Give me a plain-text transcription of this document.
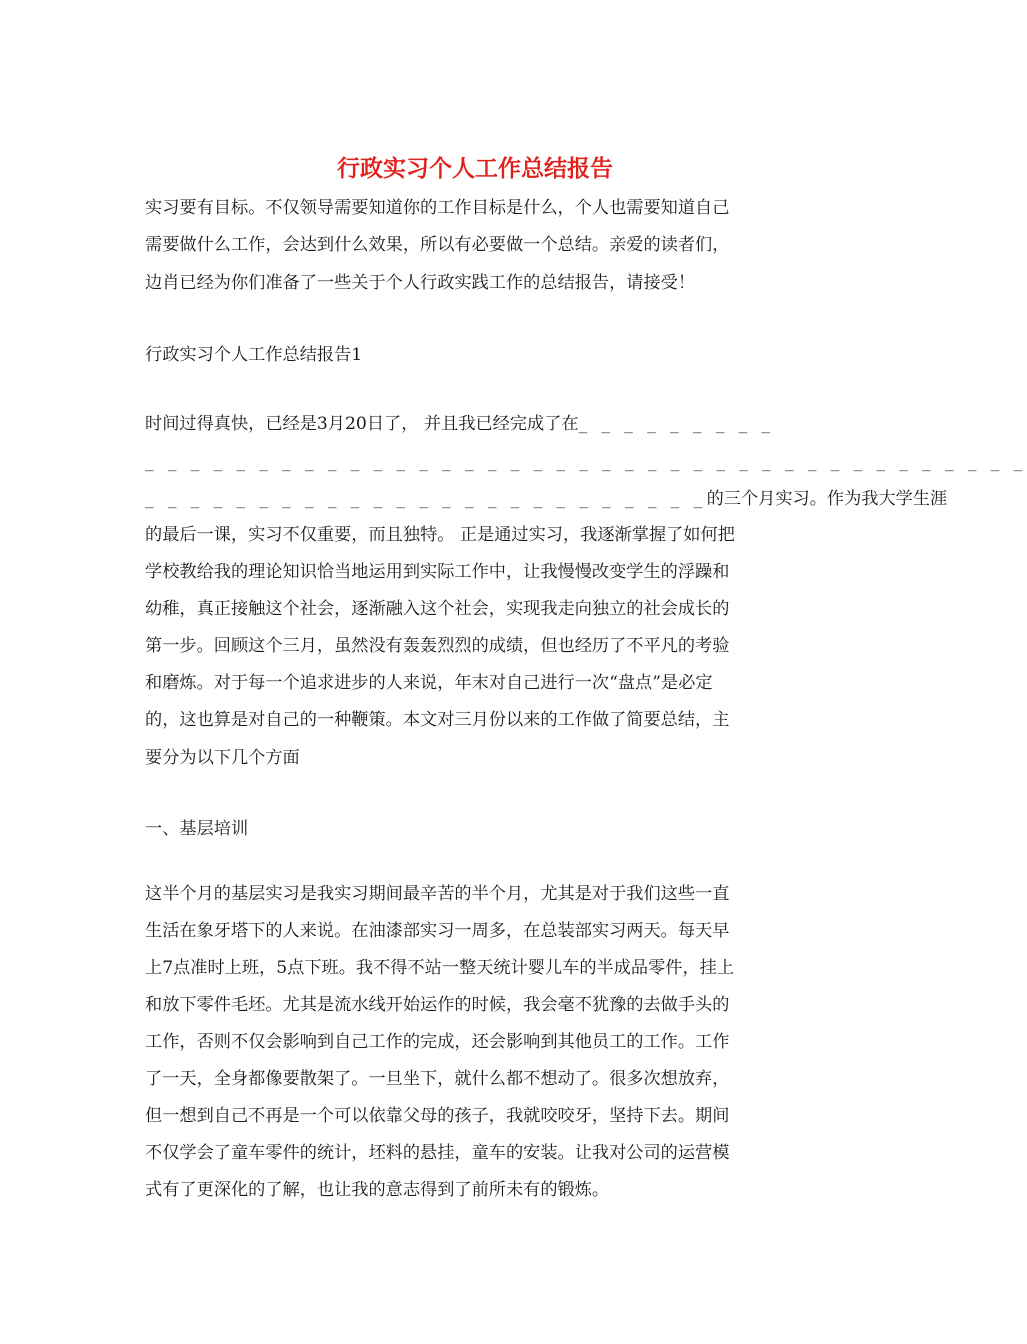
行政实习个人工作总结报告

实习要有目标。不仅领导需要知道你的工作目标是什么，个人也需要知道自己

需要做什么工作，会达到什么效果，所以有必要做一个总结。亲爱的读者们，

边肖已经为你们准备了一些关于个人行政实践工作的总结报告，请接受！

行政实习个人工作总结报告1

时间过得真快，已经是3月20日了， 并且我已经完成了在_ _ _ _ _ _ _ _ _

_ _ _ _ _ _ _ _ _ _ _ _ _ _ _ _ _ _ _ _ _ _ _ _ _ _ _ _ _ _ _ _ _ _ _ _ _ _ _

_ _ _ _ _ _ _ _ _ _ _ _ _ _ _ _ _ _ _ _ _ _ _ _ _的三个月实习。作为我大学生涯

的最后一课，实习不仅重要，而且独特。 正是通过实习，我逐渐掌握了如何把

学校教给我的理论知识恰当地运用到实际工作中，让我慢慢改变学生的浮躁和

幼稚，真正接触这个社会，逐渐融入这个社会，实现我走向独立的社会成长的

第一步。回顾这个三月，虽然没有轰轰烈烈的成绩，但也经历了不平凡的考验

和磨炼。对于每一个追求进步的人来说，年末对自己进行一次“盘点”是必定

的，这也算是对自己的一种鞭策。本文对三月份以来的工作做了简要总结，主

要分为以下几个方面

一、基层培训

这半个月的基层实习是我实习期间最辛苦的半个月，尤其是对于我们这些一直

生活在象牙塔下的人来说。在油漆部实习一周多，在总装部实习两天。每天早

上7点准时上班，5点下班。我不得不站一整天统计婴儿车的半成品零件，挂上

和放下零件毛坯。尤其是流水线开始运作的时候，我会毫不犹豫的去做手头的

工作，否则不仅会影响到自己工作的完成，还会影响到其他员工的工作。工作

了一天，全身都像要散架了。一旦坐下，就什么都不想动了。很多次想放弃，

但一想到自己不再是一个可以依靠父母的孩子，我就咬咬牙，坚持下去。期间

不仅学会了童车零件的统计，坯料的悬挂，童车的安装。让我对公司的运营模

式有了更深化的了解，也让我的意志得到了前所未有的锻炼。
